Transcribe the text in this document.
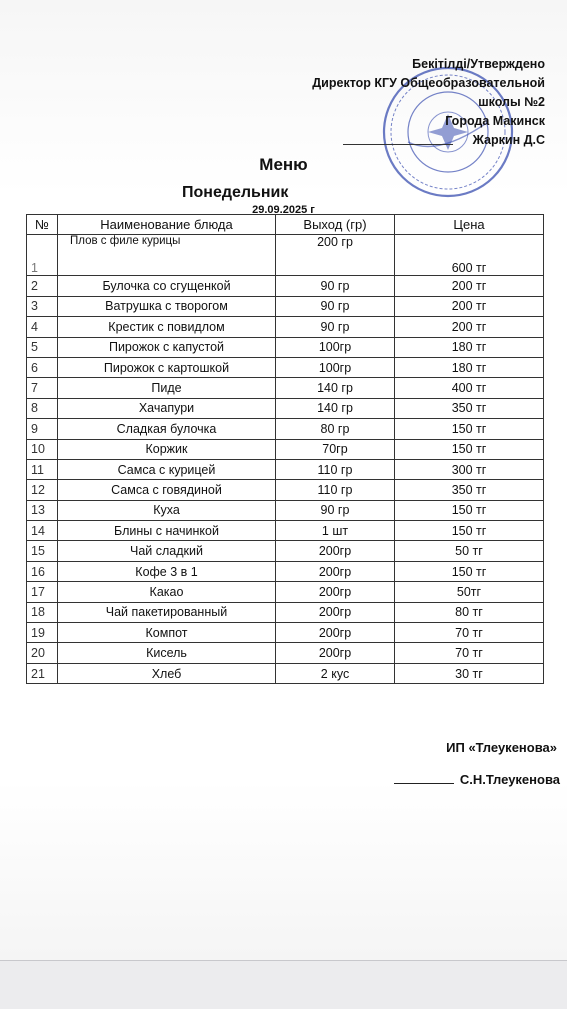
Бекітілді/Утверждено
Директор КГУ Общеобразовательной
школы №2
Города Макинск
Жаркин Д.С
Меню
Понедельник
29.09.2025 г
№	Наименование блюда	Выход (гр)	Цена
1	Плов с филе курицы	200 гр	600 тг
2	Булочка со сгущенкой	90 гр	200 тг
3	Ватрушка с творогом	90 гр	200 тг
4	Крестик с повидлом	90 гр	200 тг
5	Пирожок с капустой	100гр	180 тг
6	Пирожок с картошкой	100гр	180 тг
7	Пиде	140 гр	400 тг
8	Хачапури	140 гр	350 тг
9	Сладкая булочка	80 гр	150 тг
10	Коржик	70гр	150 тг
11	Самса с курицей	110 гр	300 тг
12	Самса с говядиной	110 гр	350 тг
13	Куха	90 гр	150 тг
14	Блины с начинкой	1 шт	150 тг
15	Чай сладкий	200гр	50 тг
16	Кофе 3 в 1	200гр	150 тг
17	Какао	200гр	50тг
18	Чай пакетированный	200гр	80 тг
19	Компот	200гр	70 тг
20	Кисель	200гр	70 тг
21	Хлеб	2 кус	30 тг
ИП «Тлеукенова»
С.Н.Тлеукенова
